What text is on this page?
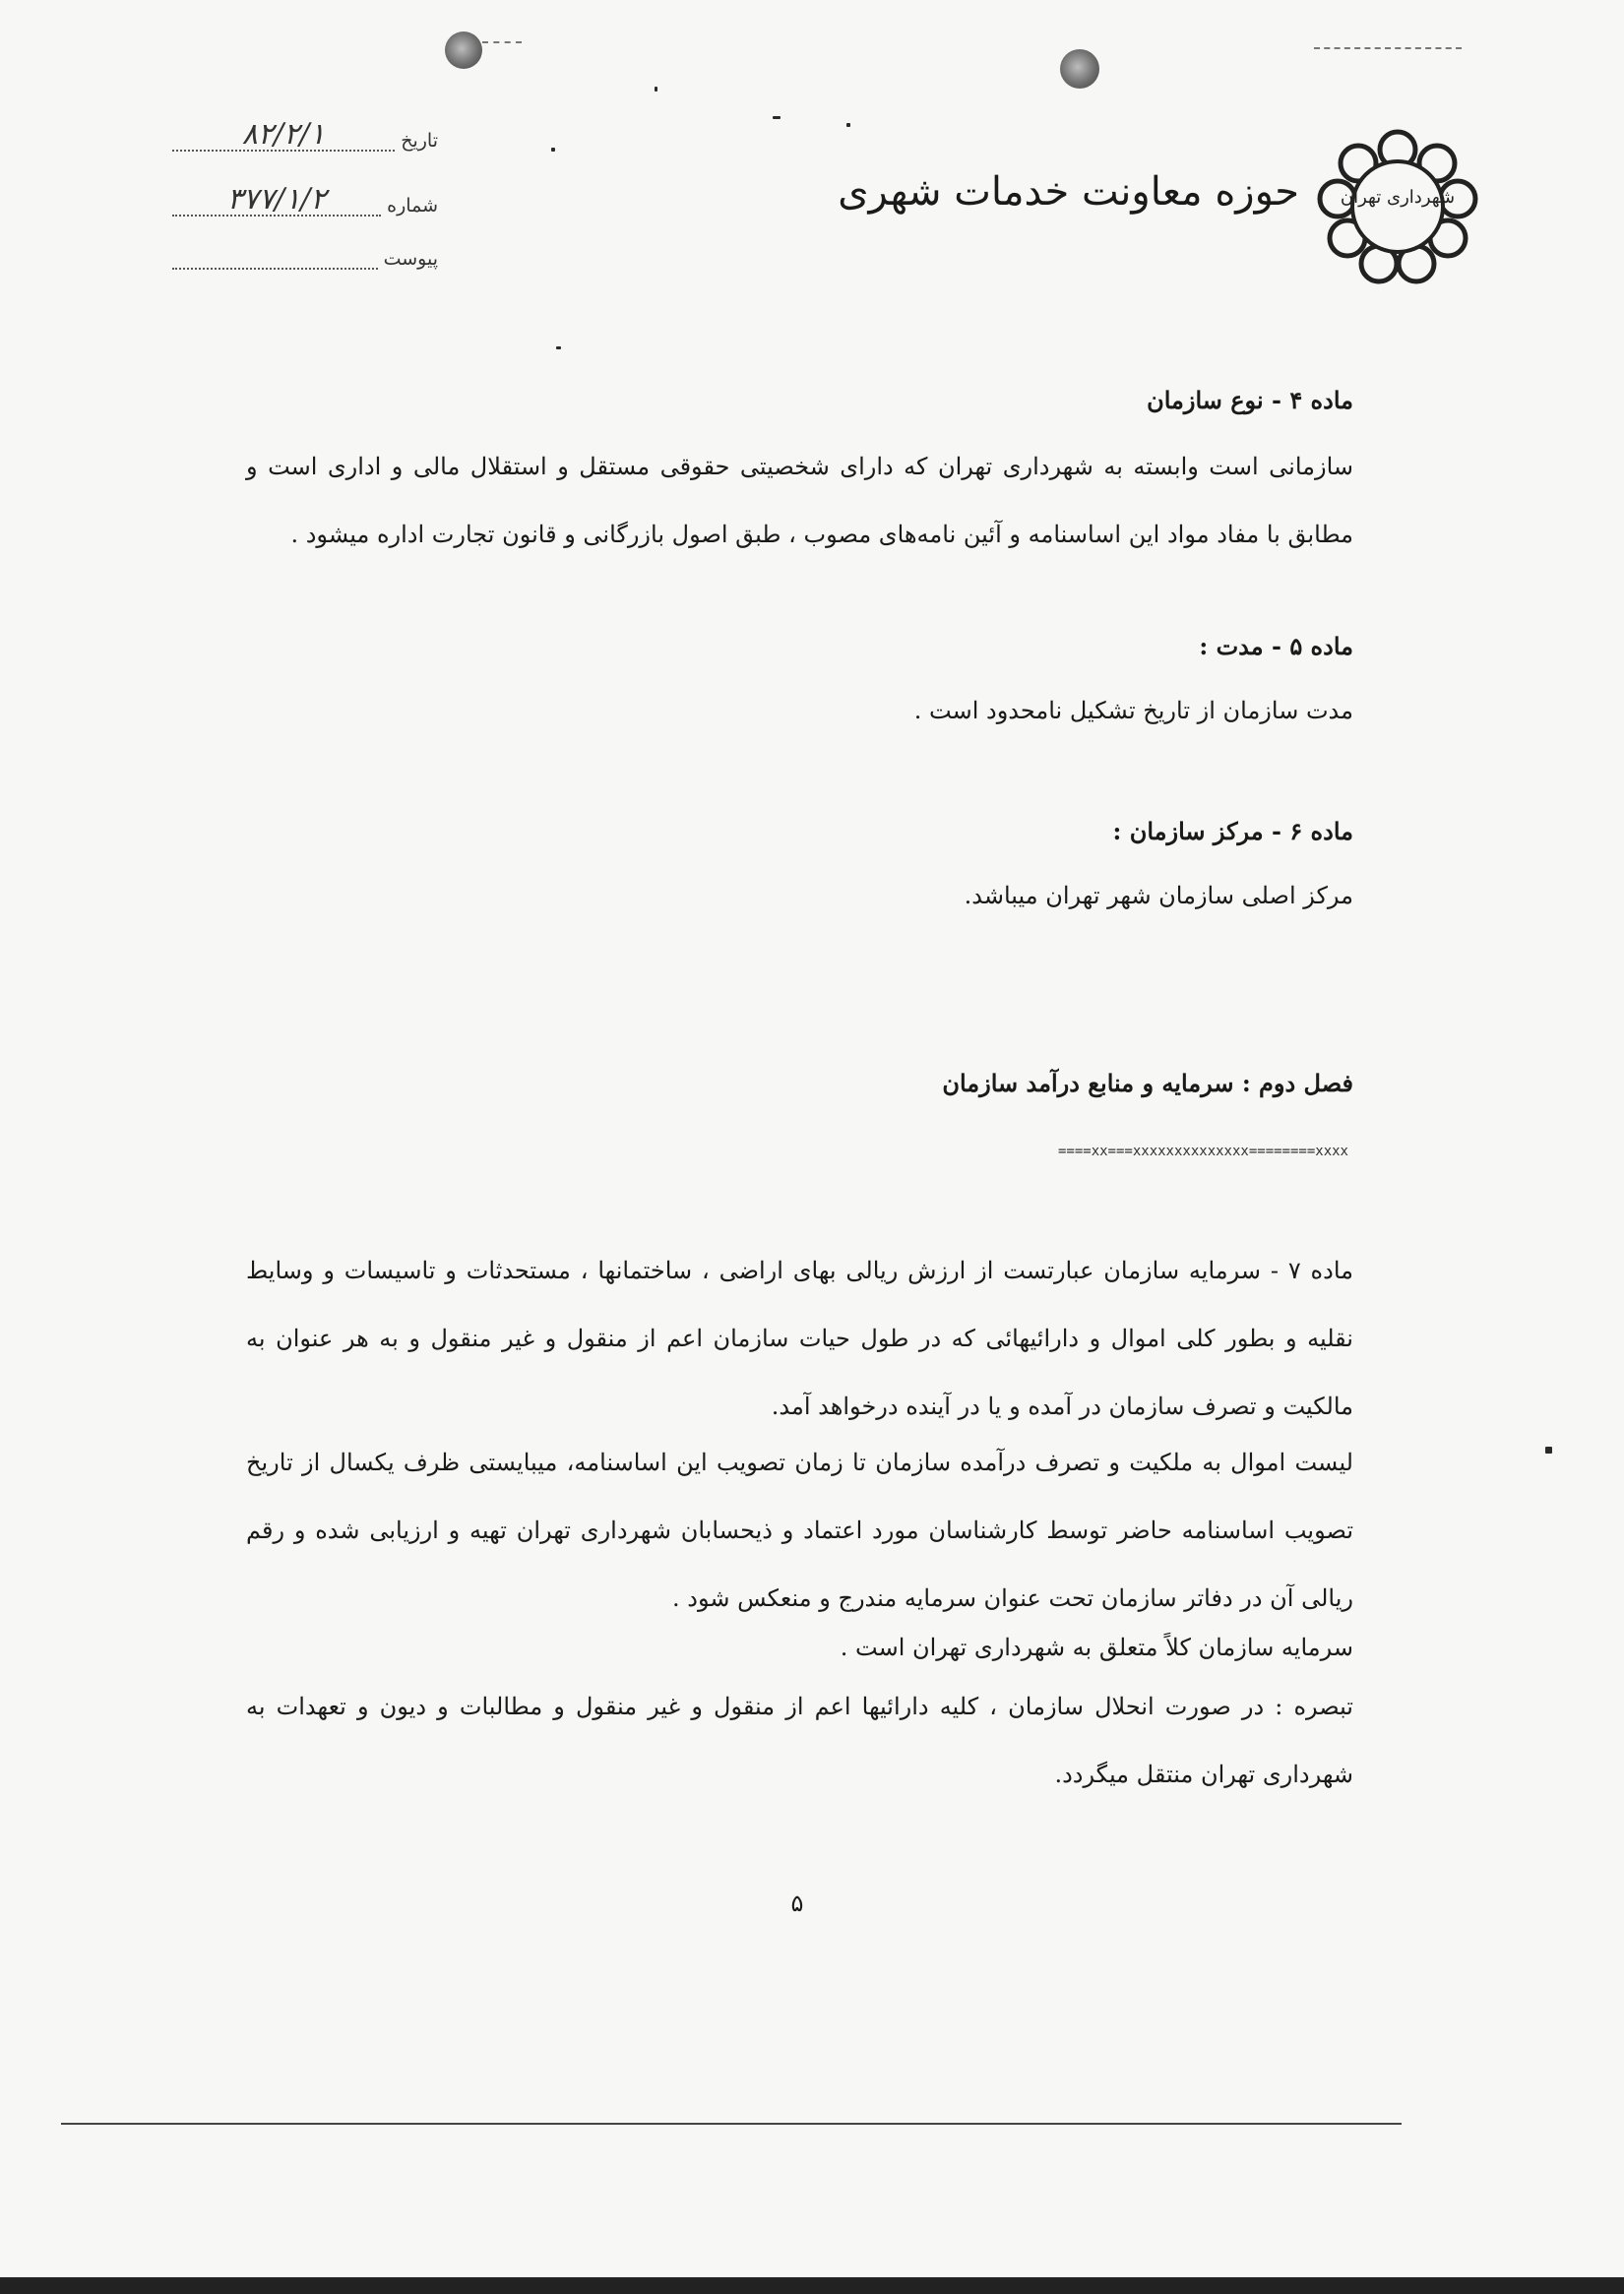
شهرداری تهران
حوزه معاونت خدمات شهری
تاریخ
۸۲/۲/۱
شماره
۳۷۷/۱/۲
پیوست
ماده ۴ - نوع سازمان
سازمانی است وابسته به شهرداری تهران که دارای شخصیتی حقوقی مستقل و استقلال مالی و اداری است و مطابق با مفاد مواد این اساسنامه و آئین نامه‌های مصوب ، طبق اصول بازرگانی و قانون تجارت اداره میشود .
ماده ۵ - مدت :
مدت سازمان از تاریخ تشکیل نامحدود است .
ماده ۶ - مرکز سازمان :
مرکز اصلی سازمان شهر تهران میباشد.
فصل دوم : سرمایه و منابع درآمد سازمان
====xx===xxxxxxxxxxxxxx========xxxx
ماده ۷ - سرمایه سازمان عبارتست از ارزش ریالی بهای اراضی ، ساختمانها ، مستحدثات و تاسیسات و وسایط نقلیه و بطور کلی اموال و دارائیهائی که در طول حیات سازمان اعم از منقول و غیر منقول و به هر عنوان به مالکیت و تصرف سازمان در آمده و یا در آینده درخواهد آمد.
لیست اموال به ملکیت و تصرف درآمده سازمان تا زمان تصویب این اساسنامه، میبایستی ظرف یکسال از تاریخ تصویب اساسنامه حاضر توسط کارشناسان مورد اعتماد و ذیحسابان شهرداری تهران تهیه و ارزیابی شده و رقم ریالی آن در دفاتر سازمان تحت عنوان سرمایه مندرج و منعکس شود .
سرمایه سازمان کلاً متعلق به شهرداری تهران است .
تبصره : در صورت انحلال سازمان ، کلیه دارائیها اعم از منقول و غیر منقول و مطالبات و دیون و تعهدات به شهرداری تهران منتقل میگردد.
۵
